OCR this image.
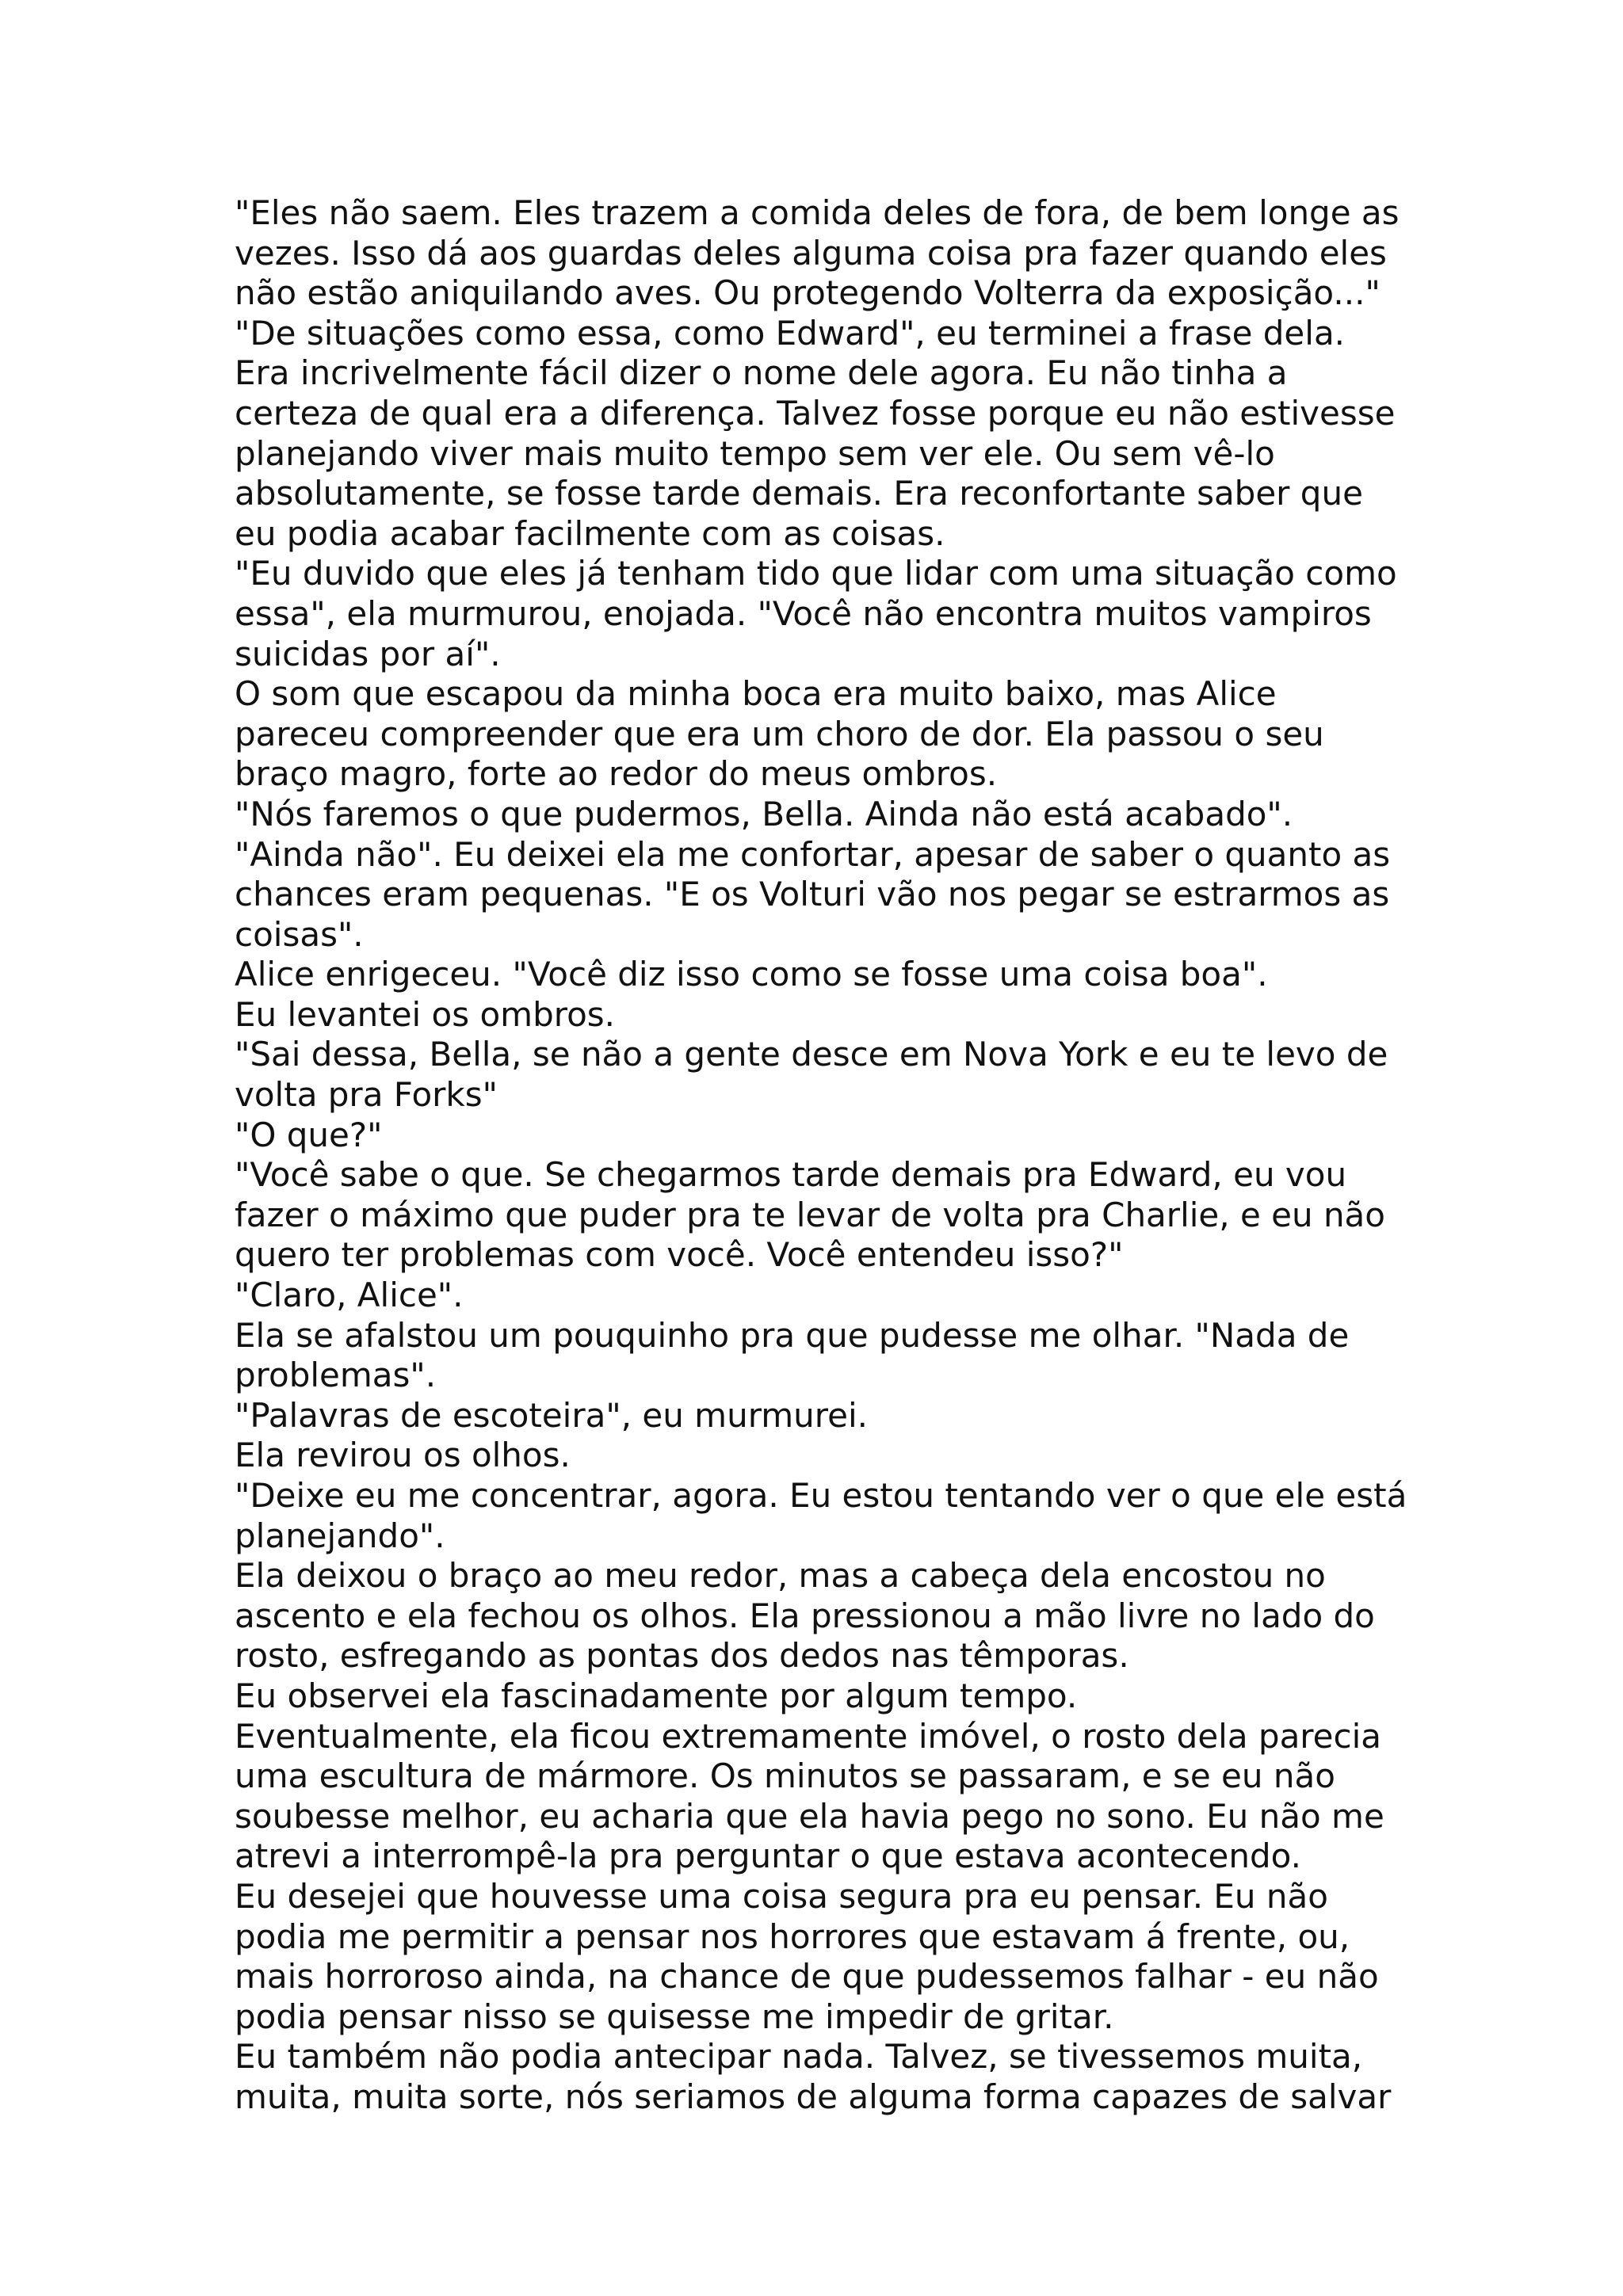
"Eles não saem. Eles trazem a comida deles de fora, de bem longe as
vezes. Isso dá aos guardas deles alguma coisa pra fazer quando eles
não estão aniquilando aves. Ou protegendo Volterra da exposição..."
"De situações como essa, como Edward", eu terminei a frase dela.
Era incrivelmente fácil dizer o nome dele agora. Eu não tinha a
certeza de qual era a diferença. Talvez fosse porque eu não estivesse
planejando viver mais muito tempo sem ver ele. Ou sem vê-lo
absolutamente, se fosse tarde demais. Era reconfortante saber que
eu podia acabar facilmente com as coisas.
"Eu duvido que eles já tenham tido que lidar com uma situação como
essa", ela murmurou, enojada. "Você não encontra muitos vampiros
suicidas por aí".
O som que escapou da minha boca era muito baixo, mas Alice
pareceu compreender que era um choro de dor. Ela passou o seu
braço magro, forte ao redor do meus ombros.
"Nós faremos o que pudermos, Bella. Ainda não está acabado".
"Ainda não". Eu deixei ela me confortar, apesar de saber o quanto as
chances eram pequenas. "E os Volturi vão nos pegar se estrarmos as
coisas".
Alice enrigeceu. "Você diz isso como se fosse uma coisa boa".
Eu levantei os ombros.
"Sai dessa, Bella, se não a gente desce em Nova York e eu te levo de
volta pra Forks"
"O que?"
"Você sabe o que. Se chegarmos tarde demais pra Edward, eu vou
fazer o máximo que puder pra te levar de volta pra Charlie, e eu não
quero ter problemas com você. Você entendeu isso?"
"Claro, Alice".
Ela se afalstou um pouquinho pra que pudesse me olhar. "Nada de
problemas".
"Palavras de escoteira", eu murmurei.
Ela revirou os olhos.
"Deixe eu me concentrar, agora. Eu estou tentando ver o que ele está
planejando".
Ela deixou o braço ao meu redor, mas a cabeça dela encostou no
ascento e ela fechou os olhos. Ela pressionou a mão livre no lado do
rosto, esfregando as pontas dos dedos nas têmporas.
Eu observei ela fascinadamente por algum tempo.
Eventualmente, ela ficou extremamente imóvel, o rosto dela parecia
uma escultura de mármore. Os minutos se passaram, e se eu não
soubesse melhor, eu acharia que ela havia pego no sono. Eu não me
atrevi a interrompê-la pra perguntar o que estava acontecendo.
Eu desejei que houvesse uma coisa segura pra eu pensar. Eu não
podia me permitir a pensar nos horrores que estavam á frente, ou,
mais horroroso ainda, na chance de que pudessemos falhar - eu não
podia pensar nisso se quisesse me impedir de gritar.
Eu também não podia antecipar nada. Talvez, se tivessemos muita,
muita, muita sorte, nós seriamos de alguma forma capazes de salvar
